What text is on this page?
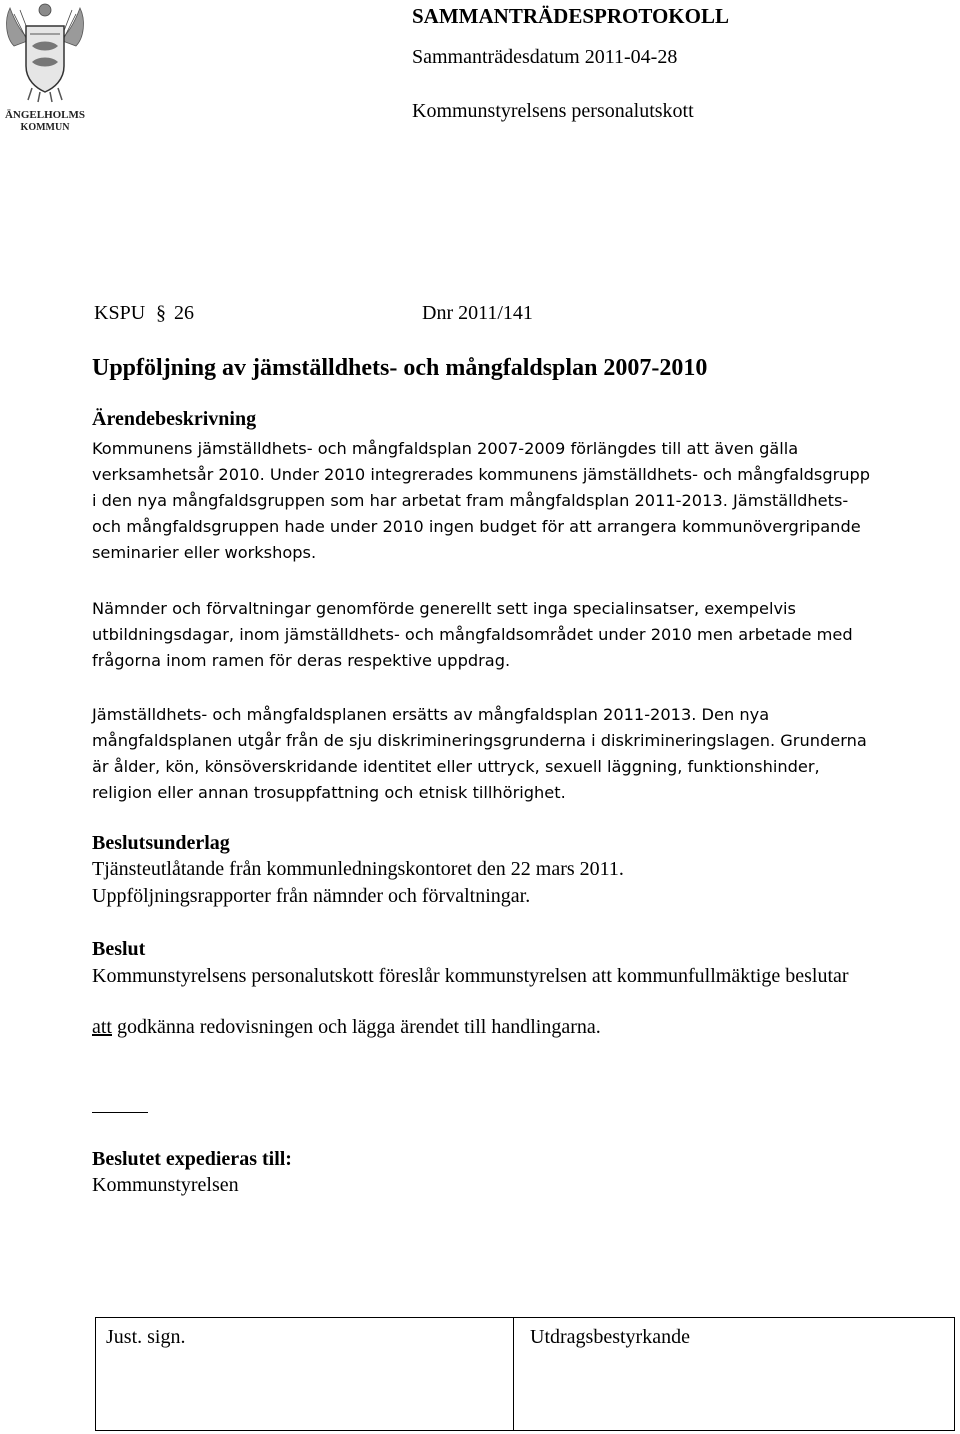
ÄNGELHOLMS
KOMMUN
SAMMANTRÄDESPROTOKOLL
Sammanträdesdatum 2011-04-28
Kommunstyrelsens personalutskott
KSPU § 26	Dnr 2011/141
Uppföljning av jämställdhets- och mångfaldsplan 2007-2010
Ärendebeskrivning
Kommunens jämställdhets- och mångfaldsplan 2007-2009 förlängdes till att även gälla
verksamhetsår 2010. Under 2010 integrerades kommunens jämställdhets- och mångfaldsgrupp
i den nya mångfaldsgruppen som har arbetat fram mångfaldsplan 2011-2013. Jämställdhets-
och mångfaldsgruppen hade under 2010 ingen budget för att arrangera kommunövergripande
seminarier eller workshops.
Nämnder och förvaltningar genomförde generellt sett inga specialinsatser, exempelvis
utbildningsdagar, inom jämställdhets- och mångfaldsområdet under 2010 men arbetade med
frågorna inom ramen för deras respektive uppdrag.
Jämställdhets- och mångfaldsplanen ersätts av mångfaldsplan 2011-2013. Den nya
mångfaldsplanen utgår från de sju diskrimineringsgrunderna i diskrimineringslagen. Grunderna
är ålder, kön, könsöverskridande identitet eller uttryck, sexuell läggning, funktionshinder,
religion eller annan trosuppfattning och etnisk tillhörighet.
Beslutsunderlag
Tjänsteutlåtande från kommunledningskontoret den 22 mars 2011.
Uppföljningsrapporter från nämnder och förvaltningar.
Beslut
Kommunstyrelsens personalutskott föreslår kommunstyrelsen att kommunfullmäktige beslutar
att godkänna redovisningen och lägga ärendet till handlingarna.
Beslutet expedieras till:
Kommunstyrelsen
Just. sign.	Utdragsbestyrkande
